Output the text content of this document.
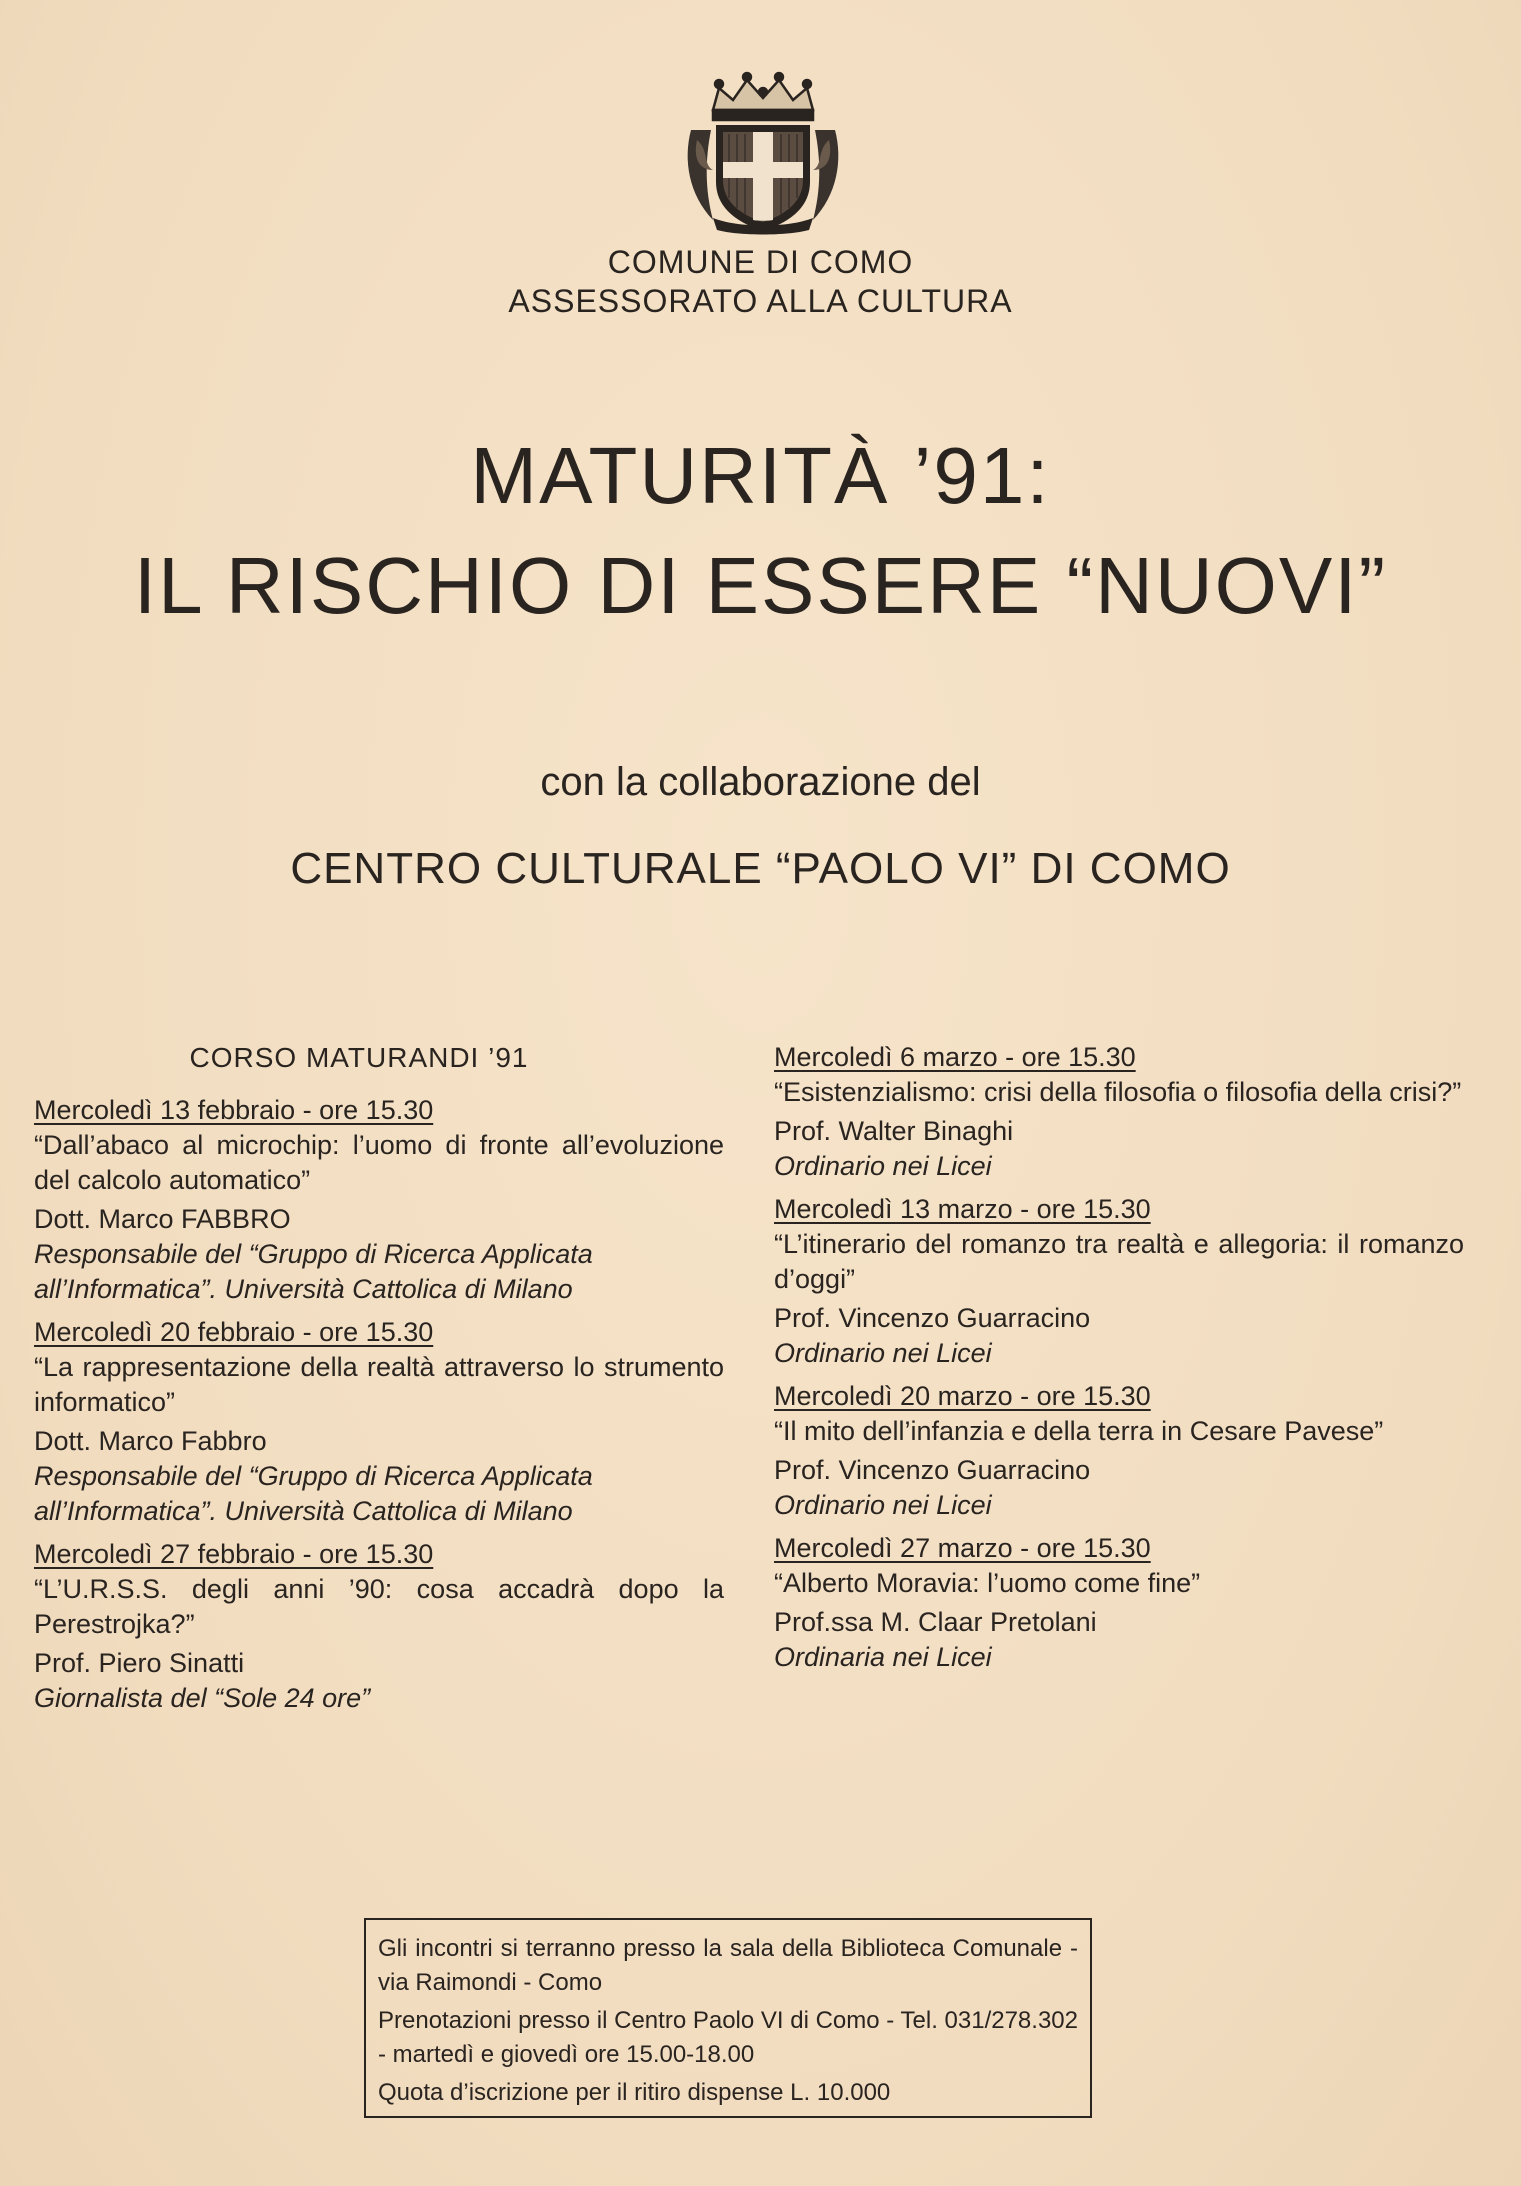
COMUNE DI COMO
ASSESSORATO ALLA CULTURA
MATURITÀ ’91:
IL RISCHIO DI ESSERE “NUOVI”
con la collaborazione del
CENTRO CULTURALE “PAOLO VI” DI COMO
CORSO MATURANDI ’91
Mercoledì 13 febbraio - ore 15.30
“Dall’abaco al microchip: l’uomo di fronte all’evoluzione del calcolo automatico”
Dott. Marco FABBRO
Responsabile del “Gruppo di Ricerca Applicata all’Informatica”. Università Cattolica di Milano
Mercoledì 20 febbraio - ore 15.30
“La rappresentazione della realtà attraverso lo strumento informatico”
Dott. Marco Fabbro
Responsabile del “Gruppo di Ricerca Applicata all’Informatica”. Università Cattolica di Milano
Mercoledì 27 febbraio - ore 15.30
“L’U.R.S.S. degli anni ’90: cosa accadrà dopo la Perestrojka?”
Prof. Piero Sinatti
Giornalista del “Sole 24 ore”
Mercoledì 6 marzo - ore 15.30
“Esistenzialismo: crisi della filosofia o filosofia della crisi?”
Prof. Walter Binaghi
Ordinario nei Licei
Mercoledì 13 marzo - ore 15.30
“L’itinerario del romanzo tra realtà e allegoria: il romanzo d’oggi”
Prof. Vincenzo Guarracino
Ordinario nei Licei
Mercoledì 20 marzo - ore 15.30
“Il mito dell’infanzia e della terra in Cesare Pavese”
Prof. Vincenzo Guarracino
Ordinario nei Licei
Mercoledì 27 marzo - ore 15.30
“Alberto Moravia: l’uomo come fine”
Prof.ssa M. Claar Pretolani
Ordinaria nei Licei

Gli incontri si terranno presso la sala della Biblioteca Comunale - via Raimondi - Como

Prenotazioni presso il Centro Paolo VI di Como - Tel. 031/278.302 - martedì e giovedì ore 15.00-18.00

Quota d’iscrizione per il ritiro dispense L. 10.000
